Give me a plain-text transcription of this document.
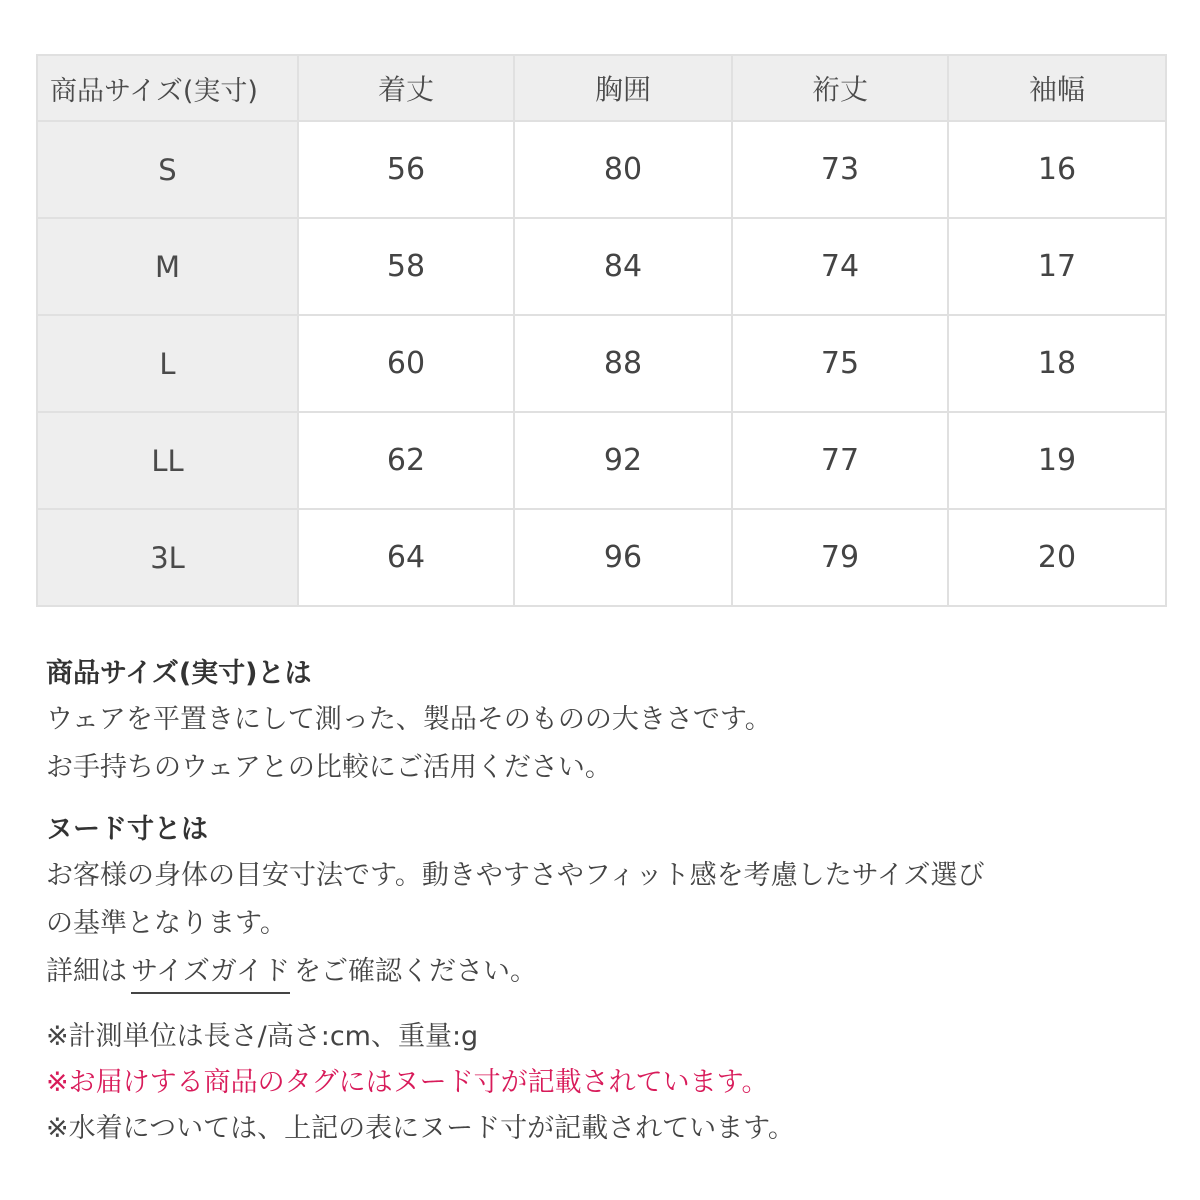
商品サイズ(実寸)	着丈	胸囲	裄丈	袖幅
S	56	80	73	16
M	58	84	74	17
L	60	88	75	18
LL	62	92	77	19
3L	64	96	79	20

商品サイズ(実寸)とは

ウェアを平置きにして測った、製品そのものの大きさです。

お手持ちのウェアとの比較にご活用ください。

ヌード寸とは

お客様の身体の目安寸法です。動きやすさやフィット感を考慮したサイズ選び

の基準となります。

詳細は サイズガイド をご確認ください。

※計測単位は長さ/高さ:cm、重量:g

※お届けする商品のタグにはヌード寸が記載されています。

※水着については、上記の表にヌード寸が記載されています。
